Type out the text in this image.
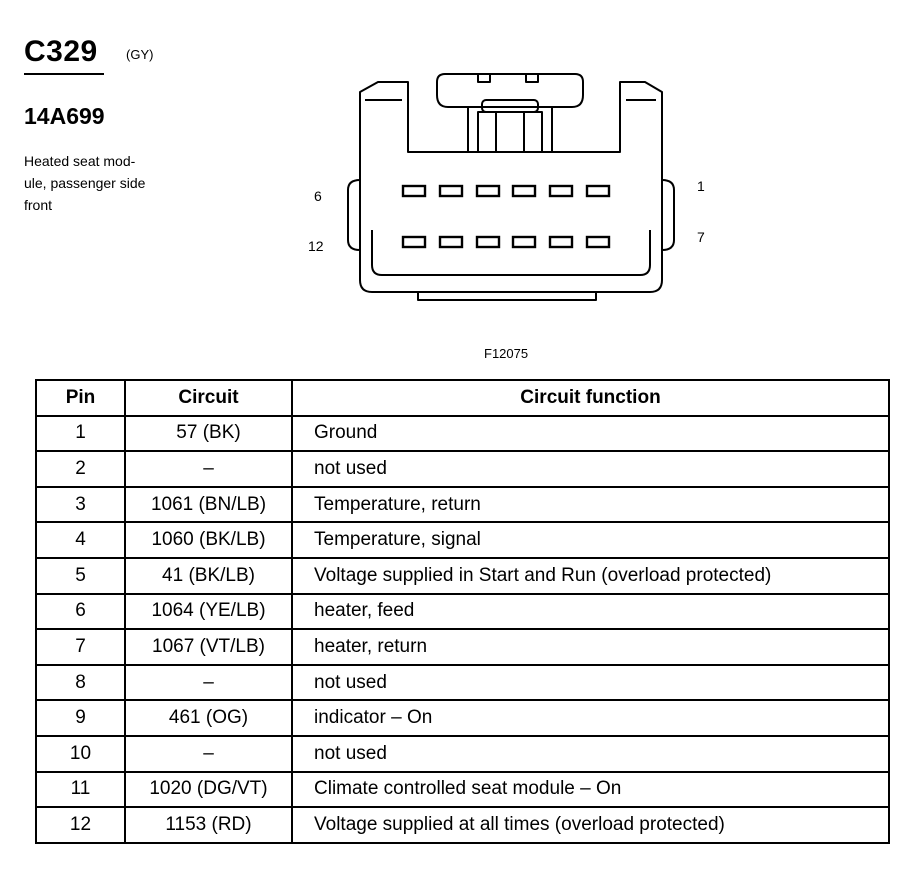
C329 (GY)
14A699
Heated seat mod-
ule, passenger side
front
6
1
12
7
F12075
Pin	Circuit	Circuit function
1	57 (BK)	Ground
2	–	not used
3	1061 (BN/LB)	Temperature, return
4	1060 (BK/LB)	Temperature, signal
5	41 (BK/LB)	Voltage supplied in Start and Run (overload protected)
6	1064 (YE/LB)	heater, feed
7	1067 (VT/LB)	heater, return
8	–	not used
9	461 (OG)	indicator – On
10	–	not used
11	1020 (DG/VT)	Climate controlled seat module – On
12	1153 (RD)	Voltage supplied at all times (overload protected)
